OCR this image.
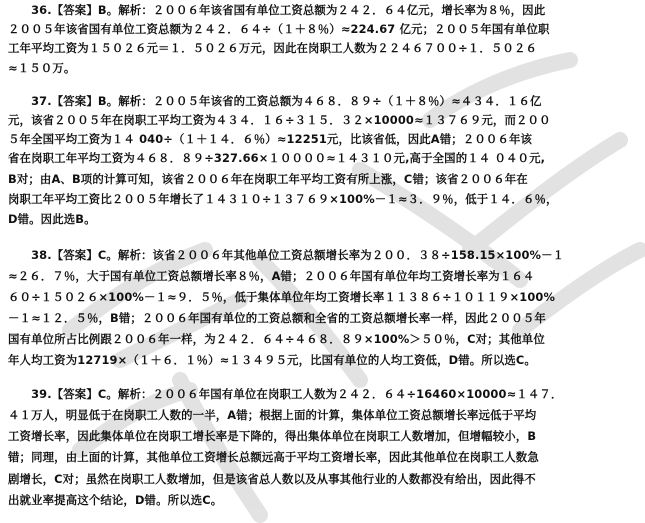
　　36.【答案】B。解析：２００６年该省国有单位工资总额为２４２．６４亿元，增长率为８％，因此
２００５年该省国有单位工资总额为２４２．６４÷（１＋８％）≈224.67 亿元；２００５年国有单位职
工年平均工资为１５０２６元＝１．５０２６万元，因此在岗职工人数为２２４６７００÷１．５０２６
≈１５０万。
　　37.【答案】B。解析：２００５年该省的工资总额为４６８．８９÷（１＋８％）≈４３４．１６亿
元，该省２００５年在岗职工平均工资为４３４．１６÷３１５．３２×10000≈１３７６９元，而２００
５年全国平均工资为１４ 040÷（１＋１４．６％）≈12251元，比该省低，因此A错；２００６年该
省在岗职工年平均工资为４６８．８９÷327.66×１００００≈１４３１０元,高于全国的１４ ０４０元,
B对；由A、B项的计算可知，该省２００６年在岗职工年平均工资有所上涨，C错；该省２００６年在
岗职工年平均工资比２００５年增长了１４３１０÷１３７６９×100%－１≈３．９％，低于１４．６％，
D错。因此选B。
　　38.【答案】C。解析：该省２００６年其他单位工资总额增长率为２００．３８÷158.15×100%－１
≈２６．７％，大于国有单位工资总额增长率８％，A错；２００６年国有单位年均工资增长率为１６４
６０÷１５０２６×100%－１≈９．５％，低于集体单位年均工资增长率１１３８６÷１０１１９×100%
－１≈１２．５％，B错；２００６年国有单位的工资总额和全省的工资总额增长率一样，因此２００５年
国有单位所占比例跟２００６年一样，为２４２．６４÷４６８．８９×100%＞５０％，C对；其他单位
年人均工资为12719×（１＋６．１％）≈１３４９５元，比国有单位的人均工资低，D错。所以选C。
　　39.【答案】C。解析：２００６年国有单位在岗职工人数为２４２．６４÷16460×10000≈１４７．
４１万人，明显低于在岗职工人数的一半，A错；根据上面的计算，集体单位工资总额增长率远低于平均
工资增长率，因此集体单位在岗职工增长率是下降的，得出集体单位在岗职工人数增加，但增幅较小，B
错；同理，由上面的计算，其他单位工资增长总额远高于平均工资增长率，因此其他单位在岗职工人数急
剧增长，C对；虽然在岗职工人数增加，但是该省总人数以及从事其他行业的人数都没有给出，因此得不
出就业率提高这个结论，D错。所以选C。
